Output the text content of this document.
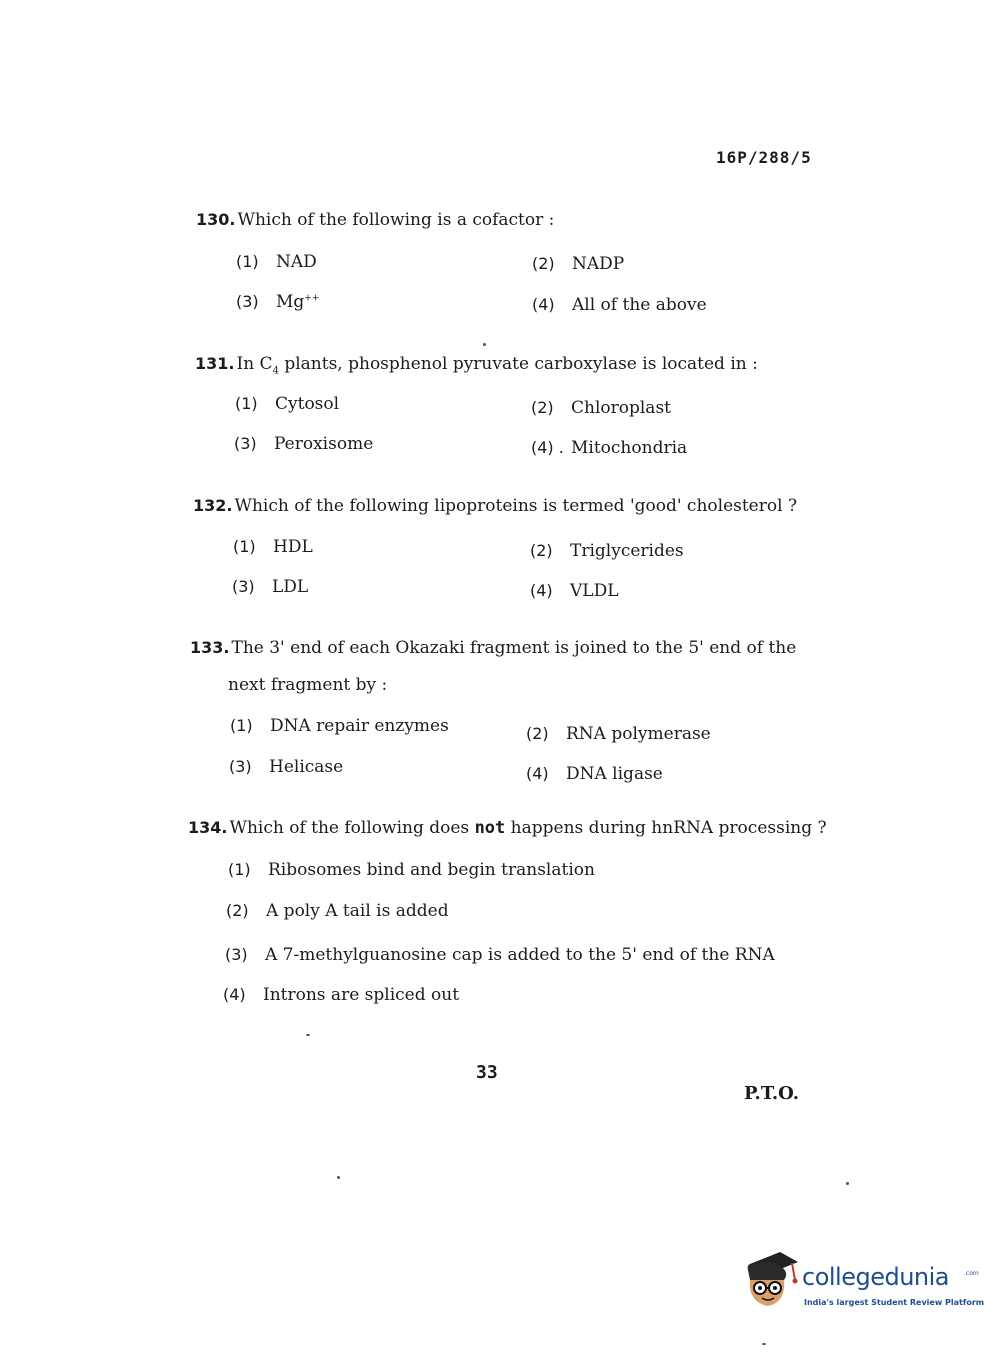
16P/288/5
130. Which of the following is a cofactor :
(1) NAD	(2) NADP
(3) Mg++	(4) All of the above
131. In $C_4$ plants, phosphenol pyruvate carboxylase is located in :
(1) Cytosol	(2) Chloroplast
(3) Peroxisome	(4) . Mitochondria
132. Which of the following lipoproteins is termed 'good' cholesterol ?
(1) HDL	(2) Triglycerides
(3) LDL	(4) VLDL
133. The 3' end of each Okazaki fragment is joined to the 5' end of the
next fragment by :
(1) DNA repair enzymes	(2) RNA polymerase
(3) Helicase	(4) DNA ligase
134. Which of the following does not happens during hnRNA processing ?
(1) Ribosomes bind and begin translation
(2) A poly A tail is added
(3) A 7-methylguanosine cap is added to the 5' end of the RNA
(4) Introns are spliced out
33
P.T.O.
collegedunia .com
India's largest Student Review Platform
